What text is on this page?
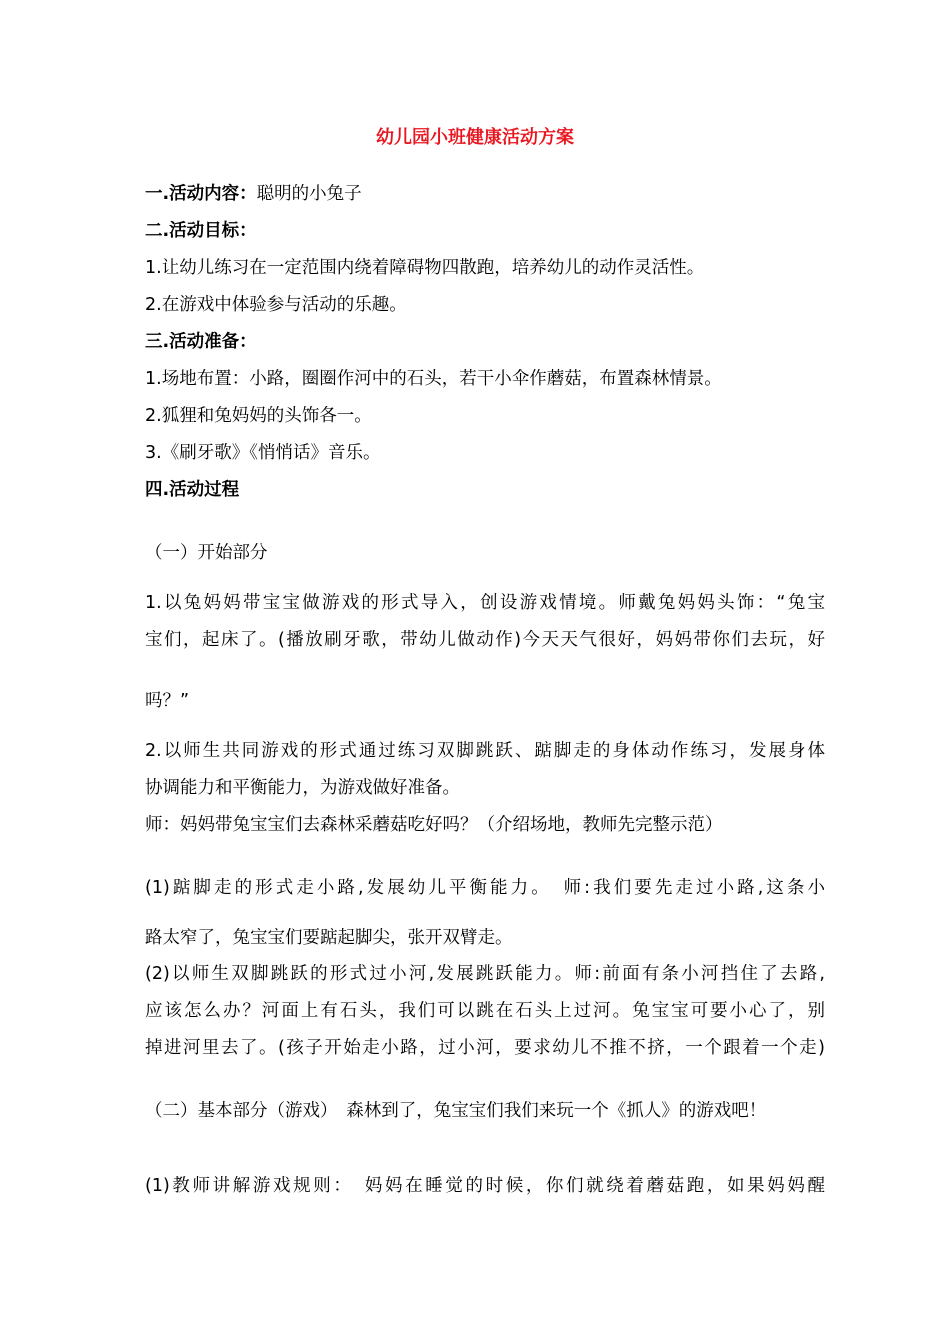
幼儿园小班健康活动方案
一.活动内容：聪明的小兔子
二.活动目标：
1.让幼儿练习在一定范围内绕着障碍物四散跑，培养幼儿的动作灵活性。
2.在游戏中体验参与活动的乐趣。
三.活动准备：
1.场地布置：小路，圈圈作河中的石头，若干小伞作蘑菇，布置森林情景。
2.狐狸和兔妈妈的头饰各一。
3.《刷牙歌》《悄悄话》音乐。
四.活动过程
（一）开始部分
1.以兔妈妈带宝宝做游戏的形式导入，创设游戏情境。师戴兔妈妈头饰：“兔宝
宝们，起床了。(播放刷牙歌，带幼儿做动作)今天天气很好，妈妈带你们去玩，好
吗？”
2.以师生共同游戏的形式通过练习双脚跳跃、踮脚走的身体动作练习，发展身体
协调能力和平衡能力，为游戏做好准备。
师：妈妈带兔宝宝们去森林采蘑菇吃好吗？（介绍场地，教师先完整示范）
(1)踮脚走的形式走小路,发展幼儿平衡能力。　师:我们要先走过小路,这条小
路太窄了，兔宝宝们要踮起脚尖，张开双臂走。
(2)以师生双脚跳跃的形式过小河,发展跳跃能力。师:前面有条小河挡住了去路,
应该怎么办？河面上有石头，我们可以跳在石头上过河。兔宝宝可要小心了，别
掉进河里去了。(孩子开始走小路，过小河，要求幼儿不推不挤，一个跟着一个走)
（二）基本部分（游戏）　森林到了，兔宝宝们我们来玩一个《抓人》的游戏吧！
(1)教师讲解游戏规则：　妈妈在睡觉的时候，你们就绕着蘑菇跑，如果妈妈醒
